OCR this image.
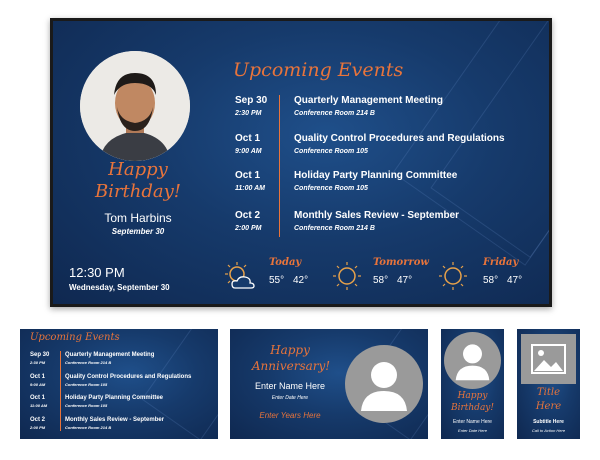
Happy
Birthday!
Tom Harbins
September 30
12:30 PM
Wednesday, September 30
Upcoming Events
Sep 30
2:30 PM
Quarterly Management Meeting
Conference Room 214 B
Oct 1
9:00 AM
Quality Control Procedures and Regulations
Conference Room 105
Oct 1
11:00 AM
Holiday Party Planning Committee
Conference Room 105
Oct 2
2:00 PM
Monthly Sales Review - September
Conference Room 214 B
Today
55° 42°
Tomorrow
58° 47°
Friday
58° 47°
Upcoming Events
Sep 30
2:30 PM
Quarterly Management Meeting
Conference Room 214 B
Oct 1
9:00 AM
Quality Control Procedures and Regulations
Conference Room 105
Oct 1
11:00 AM
Holiday Party Planning Committee
Conference Room 105
Oct 2
2:00 PM
Monthly Sales Review - September
Conference Room 214 B
Happy
Anniversary!
Enter Name Here
Enter Date Here
Enter Years Here
Happy
Birthday!
Enter Name Here
Enter Date Here
Title
Here
Subtitle Here
Call to Action Here
